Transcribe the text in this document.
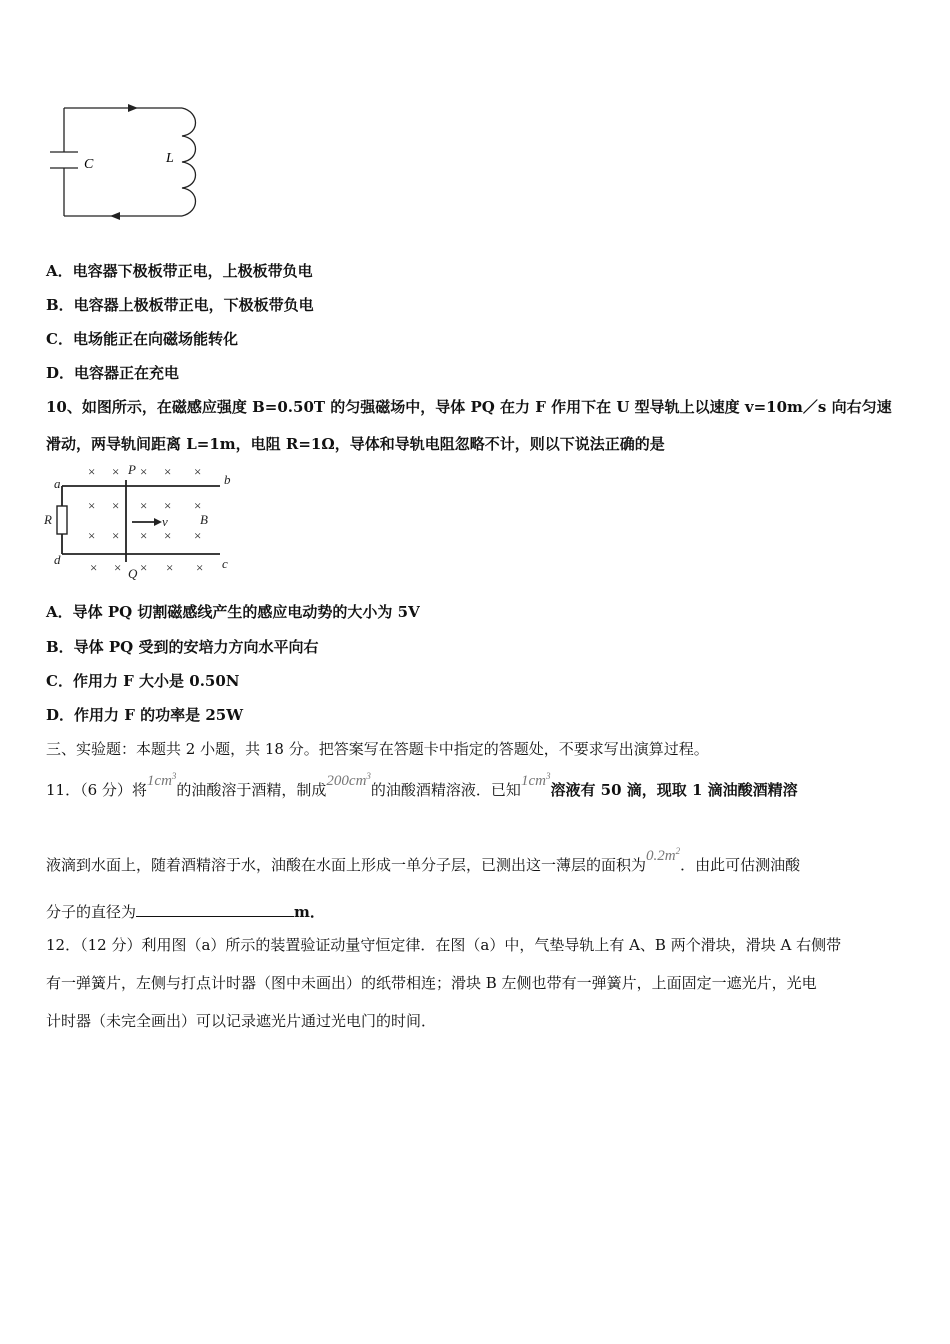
C	L
A．电容器下极板带正电，上极板带负电
B．电容器上极板带正电，下极板带负电
C．电场能正在向磁场能转化
D．电容器正在充电
10、如图所示，在磁感应强度 B=0.50T 的匀强磁场中，导体 PQ 在力 F 作用下在 U 型导轨上以速度 v=10m／s 向右匀速
滑动，两导轨间距离 L=1m，电阻 R=1Ω，导体和导轨电阻忽略不计，则以下说法正确的是
× × × × ×
× × × × ×
× × × × ×
× × × × ×
a	b
c
d
P
Q
R	v B
A．导体 PQ 切割磁感线产生的感应电动势的大小为 5V
B．导体 PQ 受到的安培力方向水平向右
C．作用力 F 大小是 0.50N
D．作用力 F 的功率是 25W
三、实验题：本题共 2 小题，共 18 分。把答案写在答题卡中指定的答题处，不要求写出演算过程。
11．（6 分）将$1cm^3$的油酸溶于酒精，制成$200cm^3$的油酸酒精溶液．已知$1cm^3$溶液有 50 滴，现取 1 滴油酸酒精溶
液滴到水面上，随着酒精溶于水，油酸在水面上形成一单分子层，已测出这一薄层的面积为$0.2m^2$．由此可估测油酸
分子的直径为	m．
12．（12 分）利用图（a）所示的装置验证动量守恒定律．在图（a）中，气垫导轨上有 A、B 两个滑块，滑块 A 右侧带
有一弹簧片，左侧与打点计时器（图中未画出）的纸带相连；滑块 B 左侧也带有一弹簧片，上面固定一遮光片，光电
计时器（未完全画出）可以记录遮光片通过光电门的时间．
